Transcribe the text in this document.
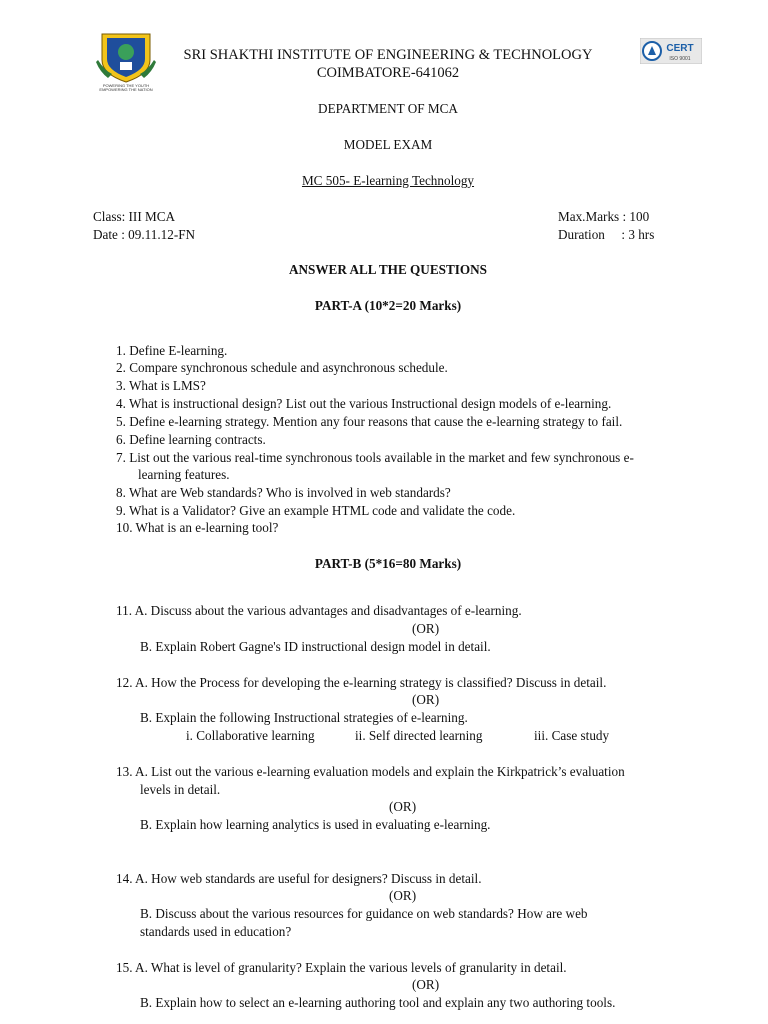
POWERING THE YOUTH
EMPOWERING THE NATION
CERT
ISO 9001
SRI SHAKTHI INSTITUTE OF ENGINEERING & TECHNOLOGY
COIMBATORE-641062
DEPARTMENT OF MCA
MODEL EXAM
MC 505- E-learning Technology
Class: III MCA
Date : 09.11.12-FN
Max.Marks : 100
Duration     : 3 hrs
ANSWER ALL THE QUESTIONS
PART-A (10*2=20 Marks)
1. Define E-learning.
2. Compare synchronous schedule and asynchronous schedule.
3. What is LMS?
4. What is instructional design? List out the various Instructional design models of e-learning.
5. Define e-learning strategy. Mention any four reasons that cause the e-learning strategy to fail.
6. Define learning contracts.
7. List out the various real-time synchronous tools available in the market and few synchronous e-
learning features.
8. What are Web standards? Who is involved in web standards?
9. What is a Validator? Give an example HTML code and validate the code.
10. What is an e-learning tool?
PART-B (5*16=80 Marks)
11. A. Discuss about the various advantages and disadvantages of e-learning.
(OR)
B. Explain Robert Gagne's ID instructional design model in detail.
12. A. How the Process for developing the e-learning strategy is classified? Discuss in detail.
(OR)
B. Explain the following Instructional strategies of e-learning.
i. Collaborative learning	ii. Self directed learning	iii. Case study
13. A. List out the various e-learning evaluation models and explain the Kirkpatrick’s evaluation
levels in detail.
(OR)
B. Explain how learning analytics is used in evaluating e-learning.
14. A. How web standards are useful for designers? Discuss in detail.
(OR)
B. Discuss about the various resources for guidance on web standards? How are web
standards used in education?
15. A. What is level of granularity? Explain the various levels of granularity in detail.
(OR)
B. Explain how to select an e-learning authoring tool and explain any two authoring tools.
